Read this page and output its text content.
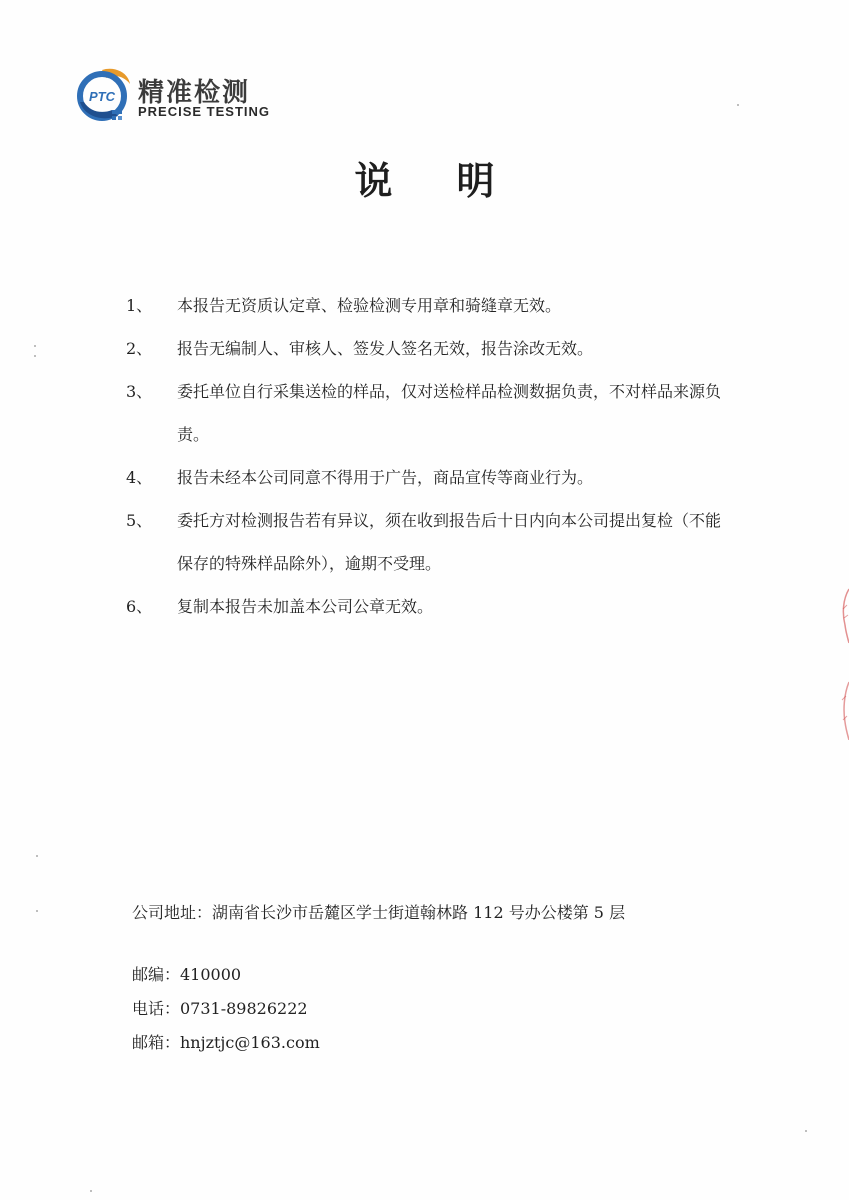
PTC 精准检测
PRECISE TESTING
说明
1、	本报告无资质认定章、检验检测专用章和骑缝章无效。
2、	报告无编制人、审核人、签发人签名无效，报告涂改无效。
3、	委托单位自行采集送检的样品，仅对送检样品检测数据负责，不对样品来源负责。
4、	报告未经本公司同意不得用于广告，商品宣传等商业行为。
5、	委托方对检测报告若有异议，须在收到报告后十日内向本公司提出复检（不能保存的特殊样品除外），逾期不受理。
6、	复制本报告未加盖本公司公章无效。
公司地址：湖南省长沙市岳麓区学士街道翰林路 112 号办公楼第 5 层
邮编：410000
电话：0731-89826222
邮箱：hnjztjc@163.com
